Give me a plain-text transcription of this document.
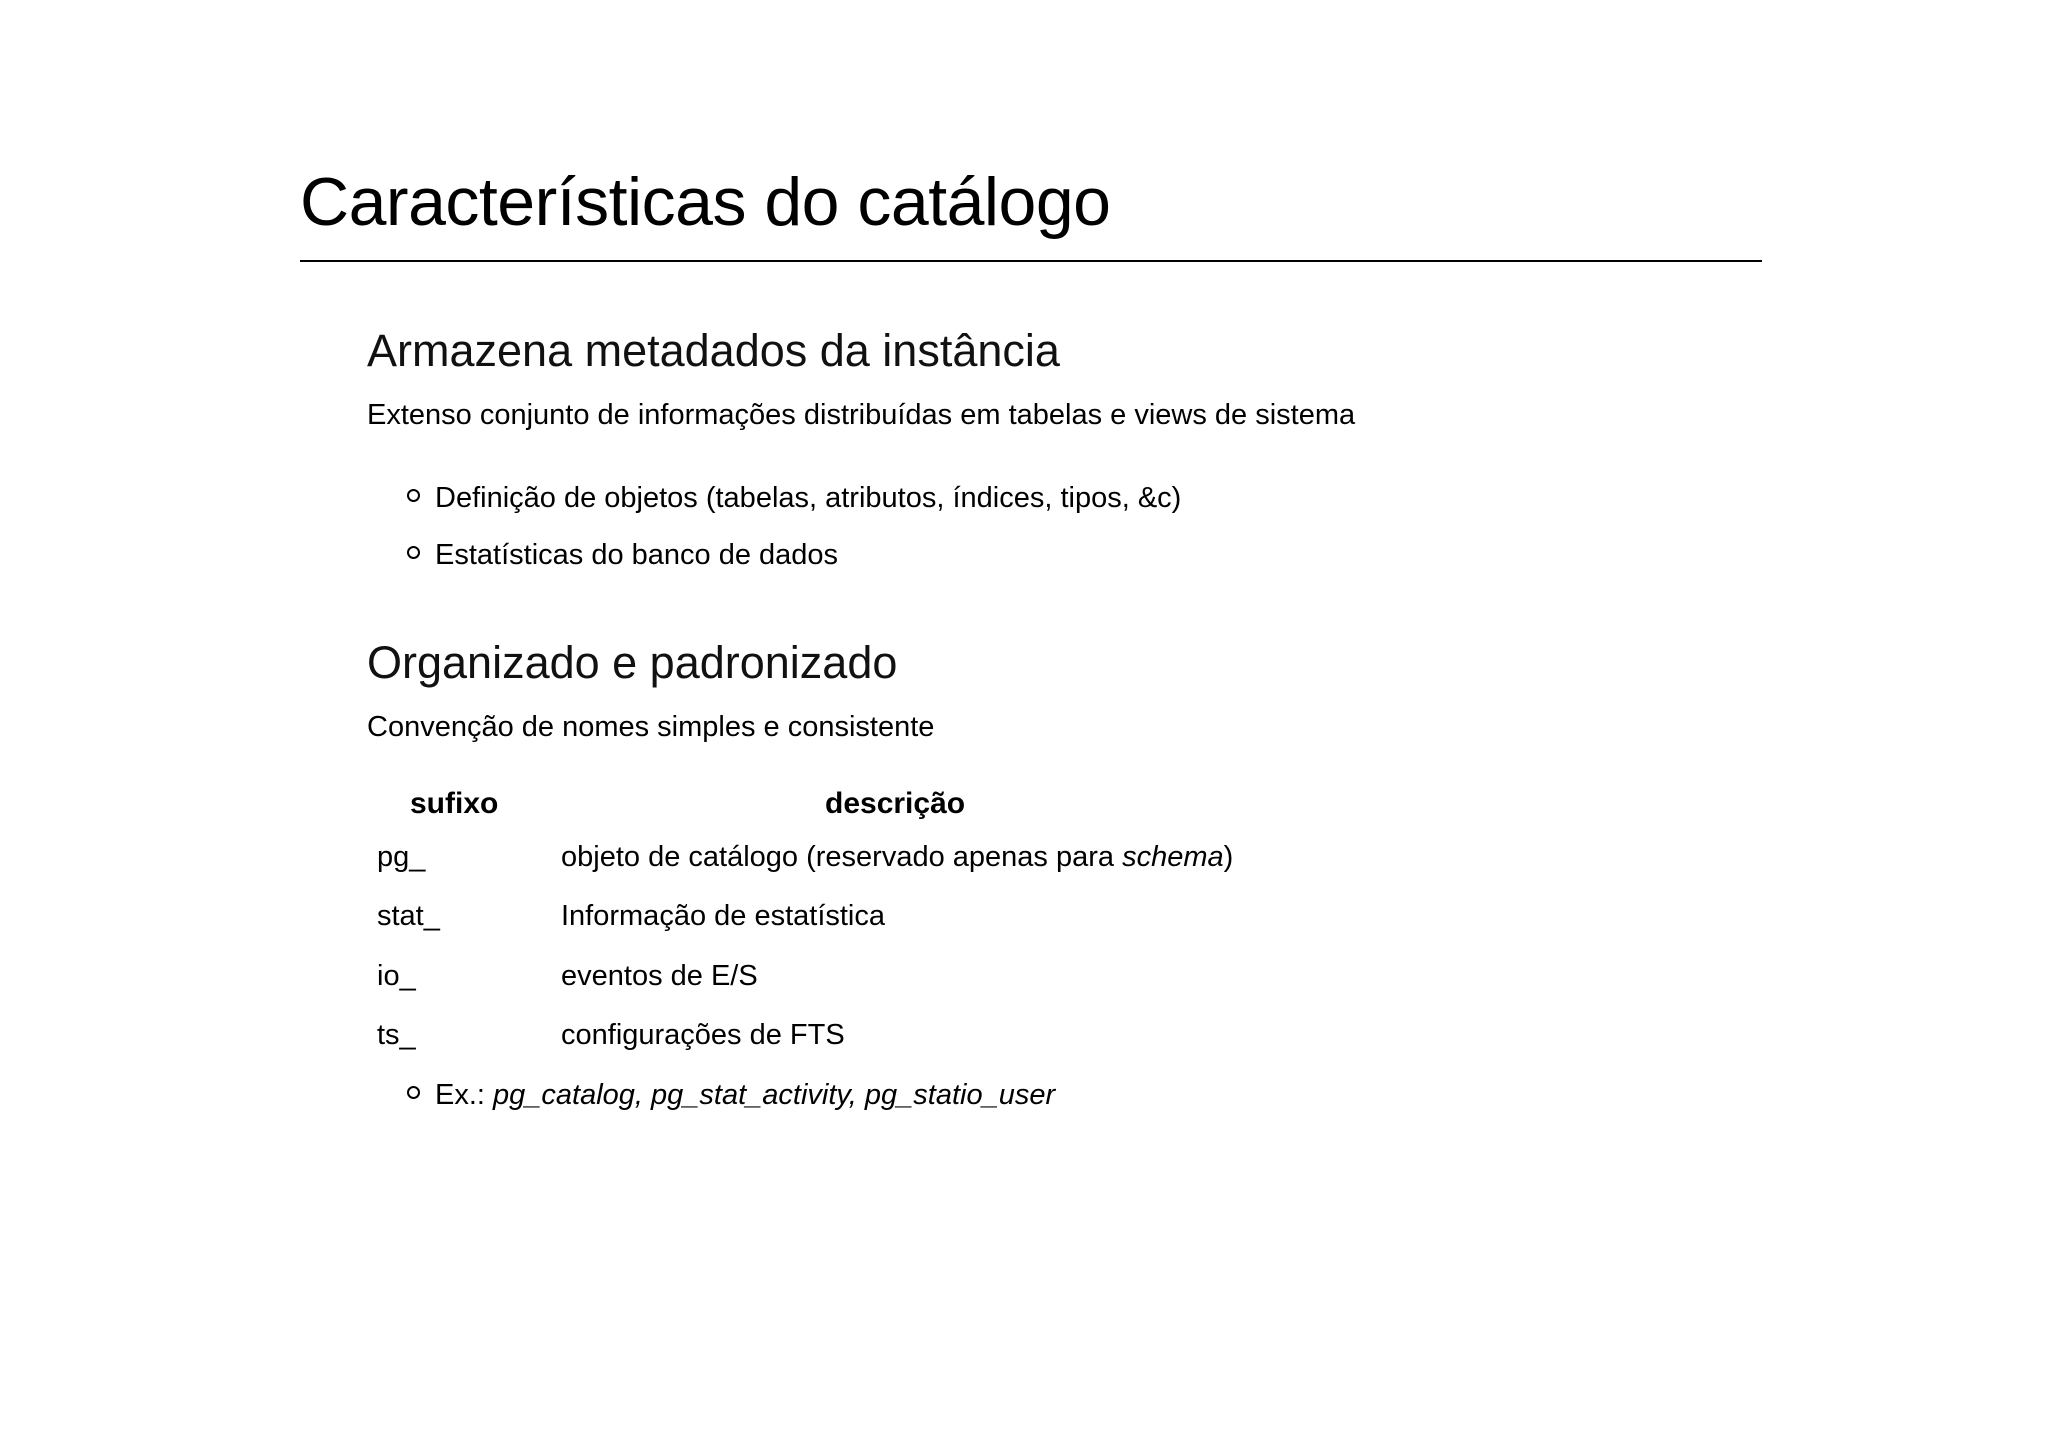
Características do catálogo
Armazena metadados da instância
Extenso conjunto de informações distribuídas em tabelas e views de sistema
Definição de objetos (tabelas, atributos, índices, tipos, &c)
Estatísticas do banco de dados
Organizado e padronizado
Convenção de nomes simples e consistente
sufixo	descrição
pg_	objeto de catálogo (reservado apenas para schema)
stat_	Informação de estatística
io_	eventos de E/S
ts_	configurações de FTS
Ex.: pg_catalog, pg_stat_activity, pg_statio_user
